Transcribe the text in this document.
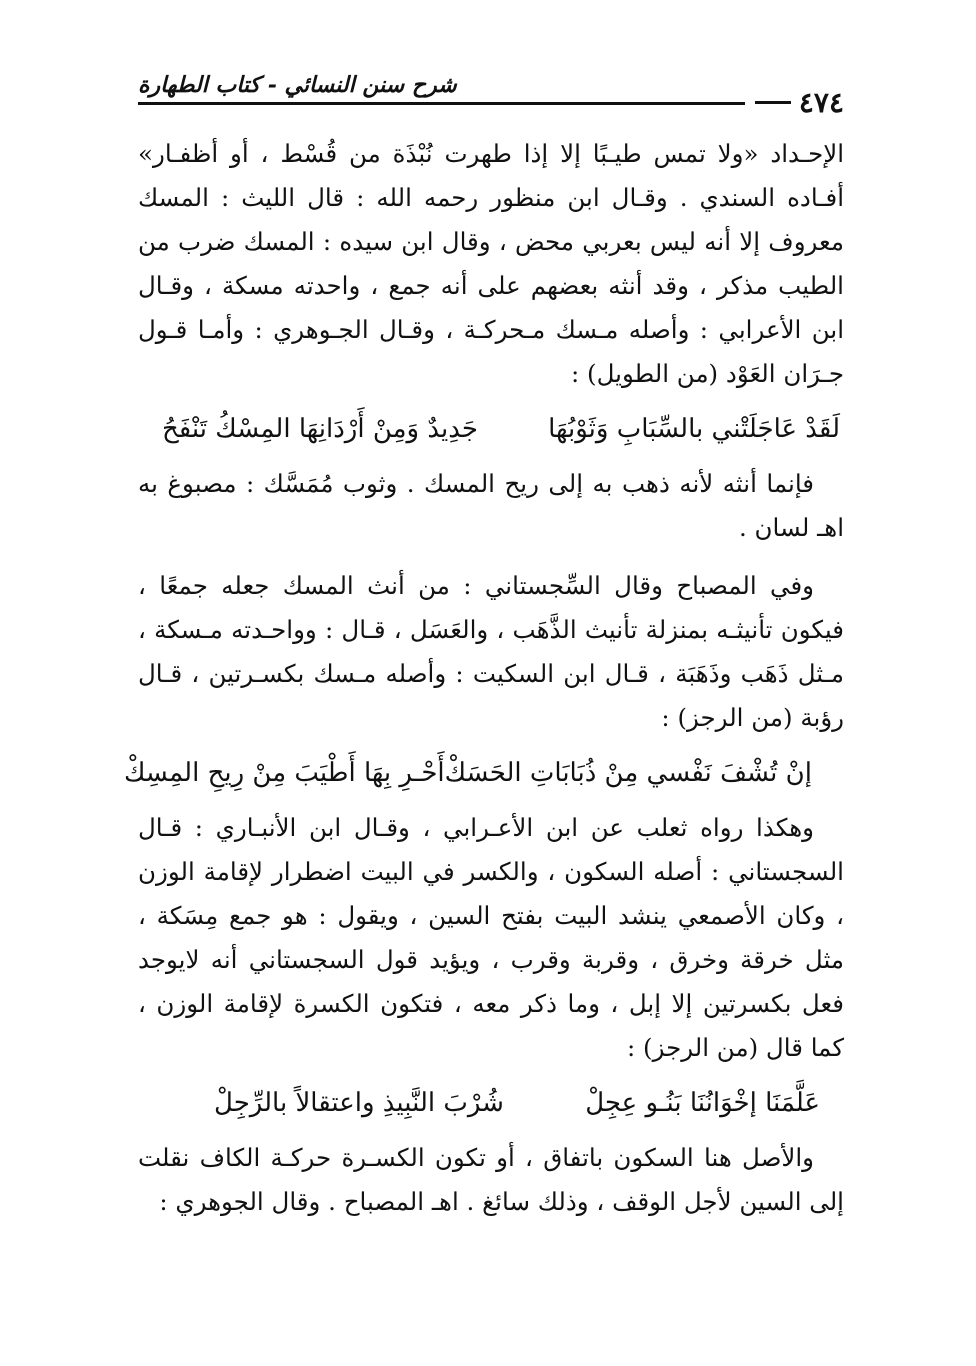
شرح سنن النسائي - كتاب الطهارة
٤٧٤

الإحـداد «ولا تمس طيـبًا إلا إذا طهرت نُبْذَة من قُسْط ، أو أظفـار» أفـاده السندي . وقـال ابن منظور رحمه الله : قال الليث : المسك معروف إلا أنه ليس بعربي محض ، وقال ابن سيده : المسك ضرب من الطيب مذكر ، وقد أنثه بعضهم على أنه جمع ، واحدته مسكة ، وقـال ابن الأعرابي : وأصله مـسك مـحركـة ، وقـال الجـوهري : وأمـا قـول جـرَان العَوْد (من الطويل) :

لَقَدْ عَاجَلَتْني بالسِّبَابِ وَثَوْبُهَا
جَدِيدٌ وَمِنْ أَرْدَانِهَا المِسْكُ تَنْفَحُ

فإنما أنثه لأنه ذهب به إلى ريح المسك . وثوب مُمَسَّك : مصبوغ به اهـ لسان .

وفي المصباح وقال السِّجستاني : من أنث المسك جعله جمعًا ، فيكون تأنيثـه بمنزلة تأنيث الذَّهَب ، والعَسَل ، قـال : وواحـدته مـسكة ، مـثل ذَهَب وذَهَبَة ، قـال ابن السكيت : وأصله مـسك بكسـرتين ، قـال رؤبة (من الرجز) :

إنْ تُشْفَ نَفْسي مِنْ ذُبَابَاتِ الحَسَكْ
أَحْـرِ بِهَا أَطْيَبَ مِنْ رِيحِ المِسِكْ

وهكذا رواه ثعلب عن ابن الأعـرابي ، وقـال ابن الأنبـاري : قـال السجستاني : أصله السكون ، والكسر في البيت اضطرار لإقامة الوزن ، وكان الأصمعي ينشد البيت بفتح السين ، ويقول : هو جمع مِسَكة ، مثل خرقة وخرق ، وقربة وقرب ، ويؤيد قول السجستاني أنه لايوجد فعل بكسرتين إلا إبل ، وما ذكر معه ، فتكون الكسرة لإقامة الوزن ، كما قال (من الرجز) :

عَلَّمَنَا إخْوَانُنَا بَنُـو عِجِلْ
شُرْبَ النَّبِيذِ واعتقالاً بالرِّجِلْ

والأصل هنا السكون باتفاق ، أو تكون الكسـرة حركـة الكاف نقلت إلى السين لأجل الوقف ، وذلك سائغ . اهـ المصباح . وقال الجوهري :
